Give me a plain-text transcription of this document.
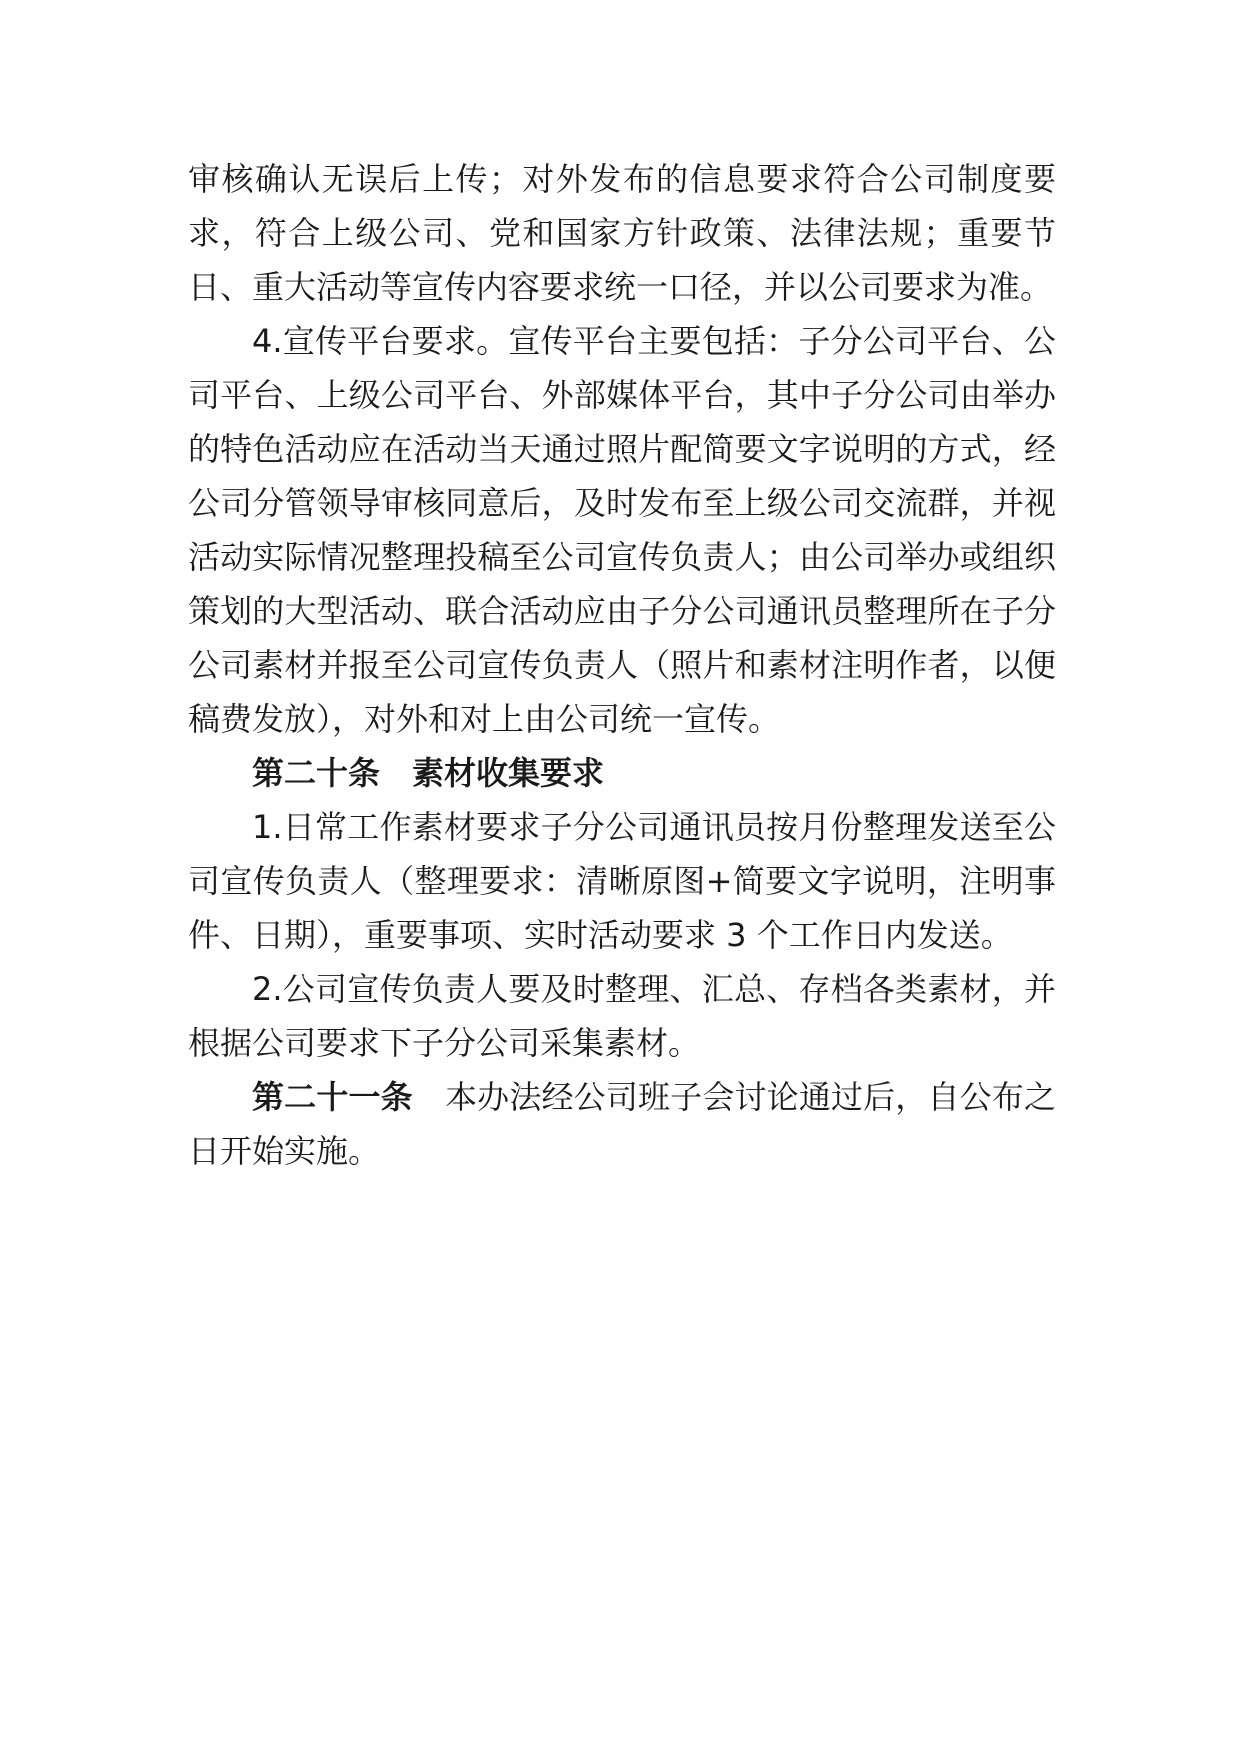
审核确认无误后上传；对外发布的信息要求符合公司制度要求，符合上级公司、党和国家方针政策、法律法规；重要节日、重大活动等宣传内容要求统一口径，并以公司要求为准。

4.宣传平台要求。宣传平台主要包括：子分公司平台、公司平台、上级公司平台、外部媒体平台，其中子分公司由举办的特色活动应在活动当天通过照片配简要文字说明的方式，经公司分管领导审核同意后，及时发布至上级公司交流群，并视活动实际情况整理投稿至公司宣传负责人；由公司举办或组织策划的大型活动、联合活动应由子分公司通讯员整理所在子分公司素材并报至公司宣传负责人（照片和素材注明作者，以便稿费发放），对外和对上由公司统一宣传。

第二十条 素材收集要求

1.日常工作素材要求子分公司通讯员按月份整理发送至公司宣传负责人（整理要求：清晰原图+简要文字说明，注明事件、日期），重要事项、实时活动要求 3 个工作日内发送。

2.公司宣传负责人要及时整理、汇总、存档各类素材，并根据公司要求下子分公司采集素材。

第二十一条 本办法经公司班子会讨论通过后，自公布之日开始实施。
